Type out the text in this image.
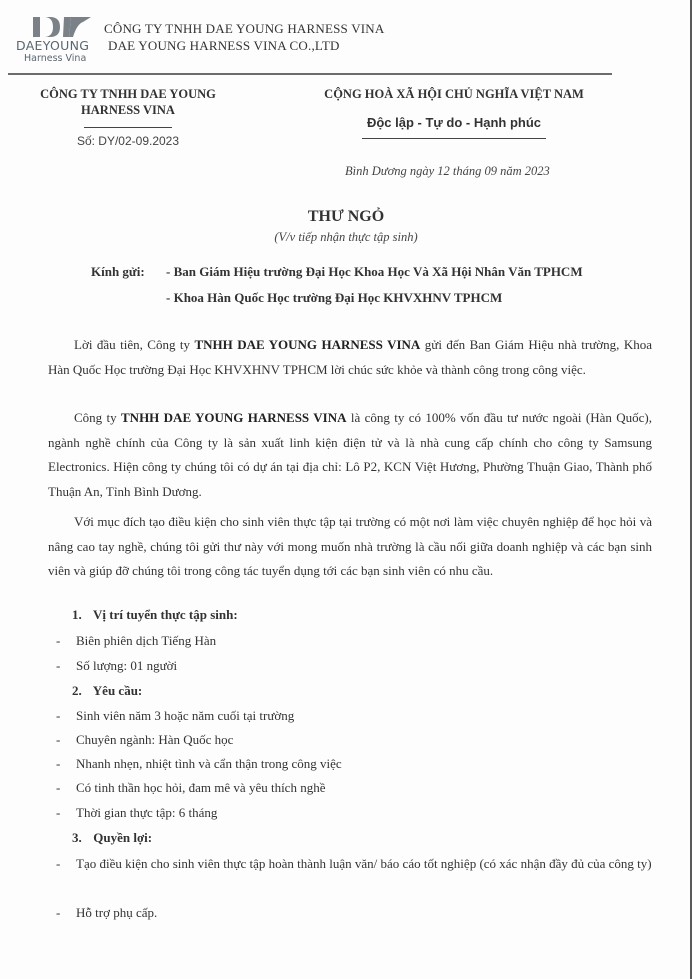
DAEYOUNG
Harness Vina
CÔNG TY TNHH DAE YOUNG HARNESS VINA
DAE YOUNG HARNESS VINA CO.,LTD
CÔNG TY TNHH DAE YOUNG
HARNESS VINA
Số: DY/02-09.2023
CỘNG HOÀ XÃ HỘI CHỦ NGHĨA VIỆT NAM
Độc lập - Tự do - Hạnh phúc
Bình Dương ngày 12 tháng 09 năm 2023
THƯ NGỎ
(V/v tiếp nhận thực tập sinh)
Kính gửi: - Ban Giám Hiệu trường Đại Học Khoa Học Và Xã Hội Nhân Văn TPHCM
- Khoa Hàn Quốc Học trường Đại Học KHVXHNV TPHCM
Lời đầu tiên, Công ty TNHH DAE YOUNG HARNESS VINA gửi đến Ban Giám Hiệu nhà trường, Khoa Hàn Quốc Học trường Đại Học KHVXHNV TPHCM lời chúc sức khỏe và thành công trong công việc.
Công ty TNHH DAE YOUNG HARNESS VINA là công ty có 100% vốn đầu tư nước ngoài (Hàn Quốc), ngành nghề chính của Công ty là sản xuất linh kiện điện tử và là nhà cung cấp chính cho công ty Samsung Electronics. Hiện công ty chúng tôi có dự án tại địa chỉ: Lô P2, KCN Việt Hương, Phường Thuận Giao, Thành phố Thuận An, Tỉnh Bình Dương.
Với mục đích tạo điều kiện cho sinh viên thực tập tại trường có một nơi làm việc chuyên nghiệp để học hỏi và nâng cao tay nghề, chúng tôi gửi thư này với mong muốn nhà trường là cầu nối giữa doanh nghiệp và các bạn sinh viên và giúp đỡ chúng tôi trong công tác tuyển dụng tới các bạn sinh viên có nhu cầu.
1. Vị trí tuyển thực tập sinh:
- Biên phiên dịch Tiếng Hàn
- Số lượng: 01 người
2. Yêu cầu:
- Sinh viên năm 3 hoặc năm cuối tại trường
- Chuyên ngành: Hàn Quốc học
- Nhanh nhẹn, nhiệt tình và cẩn thận trong công việc
- Có tinh thần học hỏi, đam mê và yêu thích nghề
- Thời gian thực tập: 6 tháng
3. Quyền lợi:
- Tạo điều kiện cho sinh viên thực tập hoàn thành luận văn/ báo cáo tốt nghiệp (có xác nhận đầy đủ của công ty)
- Hỗ trợ phụ cấp.
